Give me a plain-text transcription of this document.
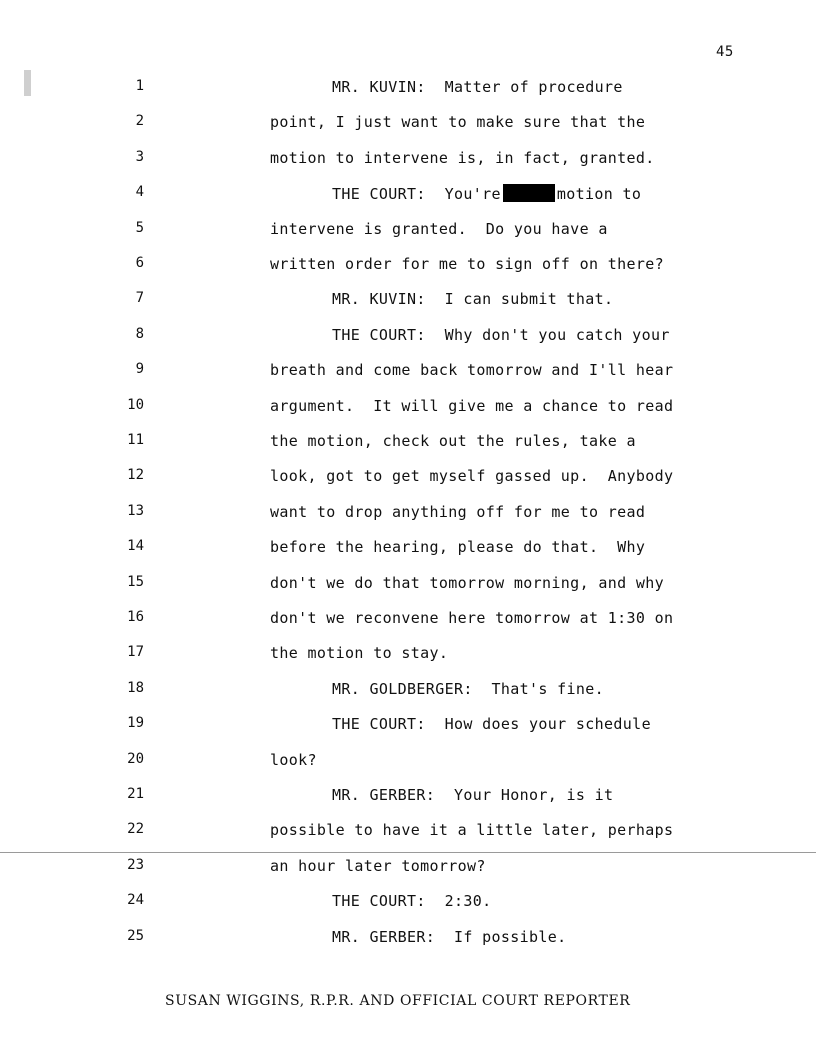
45
1	MR. KUVIN:  Matter of procedure
2	point, I just want to make sure that the
3	motion to intervene is, in fact, granted.
4	THE COURT:  You're	motion to
5	intervene is granted.  Do you have a
6	written order for me to sign off on there?
7	MR. KUVIN:  I can submit that.
8	THE COURT:  Why don't you catch your
9	breath and come back tomorrow and I'll hear
10	argument.  It will give me a chance to read
11	the motion, check out the rules, take a
12	look, got to get myself gassed up.  Anybody
13	want to drop anything off for me to read
14	before the hearing, please do that.  Why
15	don't we do that tomorrow morning, and why
16	don't we reconvene here tomorrow at 1:30 on
17	the motion to stay.
18	MR. GOLDBERGER:  That's fine.
19	THE COURT:  How does your schedule
20	look?
21	MR. GERBER:  Your Honor, is it
22	possible to have it a little later, perhaps
23	an hour later tomorrow?
24	THE COURT:  2:30.
25	MR. GERBER:  If possible.
SUSAN WIGGINS, R.P.R. AND OFFICIAL COURT REPORTER
